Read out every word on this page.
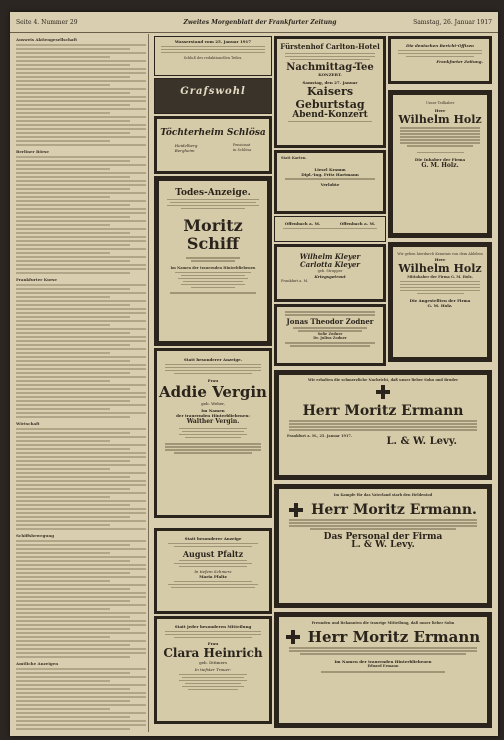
Seite 4. Nummer 29	Zweites Morgenblatt der Frankfurter Zeitung	Samstag, 26. Januar 1917
Ausweis Aktiengesellschaft
Berliner Börse
Frankfurter Kurse
Wirtschaft
Schiffsbewegung
Amtliche Anzeigen
Wasserstand vom 25. Januar 1917
Schluß des redaktionellen Teiles.
Grafswohl
Töchterheim Schlösa
Heidelberg
Bergheim
Pensionat
in Schlösa
Todes-Anzeige.
Moritz Schiff
Im Namen der trauernden Hinterbliebenen
Statt besonderer Anzeige.
Frau
Addie Vergin
geb. Weber,
Im Namen
der trauernden Hinterbliebenen:
Walther Vergin.
Statt besonderer Anzeige
August Pfaltz
In tiefem Schmerz
Maria Pfaltz
Statt jeder besonderen Mitteilung
Frau
Clara Heinrich
geb. Dittmers
In tiefster Trauer:
Fürstenhof Carlton-Hotel
Nachmittag-Tee
KONZERT.
Samstag, den 27. Januar
Kaisers Geburtstag
Abend-Konzert
Statt Karten.
Liesel Kramm
Dipl.-Ing. Fritz Hartmann
Verlobte
Offenbach a. M.	Offenbach a. M.
Wilhelm Kleyer
Carlotta Kleyer
geb. Strupper
Kriegsgetraut
Frankfurt a. M.
Jonas Theodor Zodner
Sofie Zodner
Dr. Julius Zodner
Die deutschen Bericht-Offizen
Frankfurter Zeitung.
Unser Teilhaber
Herr
Wilhelm Holz
Die Inhaber der Firma
G. M. Holz.
Wir geben hierdurch Kenntnis von dem Ableben
Herr
Wilhelm Holz
Mitinhaber der Firma G. M. Holz.
Die Angestellten der Firma
G. M. Holz.
Wir erhalten die schmerzliche Nachricht, daß unser lieber Sohn und Bruder
Herr Moritz Ermann
Frankfurt a. M., 25. Januar 1917.
L. & W. Levy.
Im Kampfe für das Vaterland starb den Heldentod
Herr Moritz Ermann.
Das Personal der Firma
L. & W. Levy.
Freunden und Bekannten die traurige Mitteilung, daß unser lieber Sohn
Herr Moritz Ermann
Im Namen der trauernden Hinterbliebenen
Eduard Ermann
